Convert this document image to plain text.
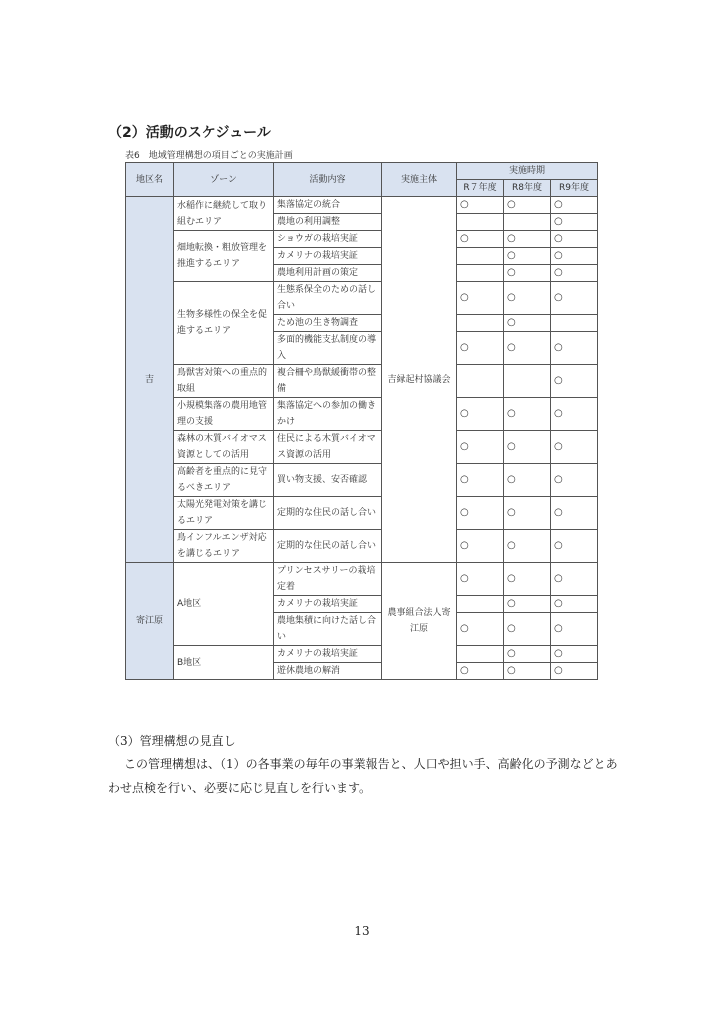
（2）活動のスケジュール
表6　地域管理構想の項目ごとの実施計画
地区名	ゾーン	活動内容	実施主体	実施時期		
				R７年度	R8年度	R9年度
吉	水稲作に継続して取り組むエリア	集落協定の統合	吉縁起村協議会	○	○	○
		農地の利用調整				○
	畑地転換・粗放管理を推進するエリア	ショウガの栽培実証		○	○	○
		カメリナの栽培実証			○	○
		農地利用計画の策定			○	○
	生物多様性の保全を促進するエリア	生態系保全のための話し合い		○	○	○
		ため池の生き物調査			○	
		多面的機能支払制度の導入		○	○	○
	鳥獣害対策への重点的取組	複合柵や鳥獣緩衝帯の整備				○
	小規模集落の農用地管理の支援	集落協定への参加の働きかけ		○	○	○
	森林の木質バイオマス資源としての活用	住民による木質バイオマス資源の活用		○	○	○
	高齢者を重点的に見守るべきエリア	買い物支援、安否確認		○	○	○
	太陽光発電対策を講じるエリア	定期的な住民の話し合い		○	○	○
	鳥インフルエンザ対応を講じるエリア	定期的な住民の話し合い		○	○	○
寄江原	A地区	プリンセスサリーの栽培定着	農事組合法人寄江原	○	○	○
		カメリナの栽培実証			○	○
		農地集積に向けた話し合い		○	○	○
	B地区	カメリナの栽培実証			○	○
		遊休農地の解消		○	○	○
（3）管理構想の見直し
この管理構想は、（1）の各事業の毎年の事業報告と、人口や担い手、高齢化の予測などとあわせ点検を行い、必要に応じ見直しを行います。
13
